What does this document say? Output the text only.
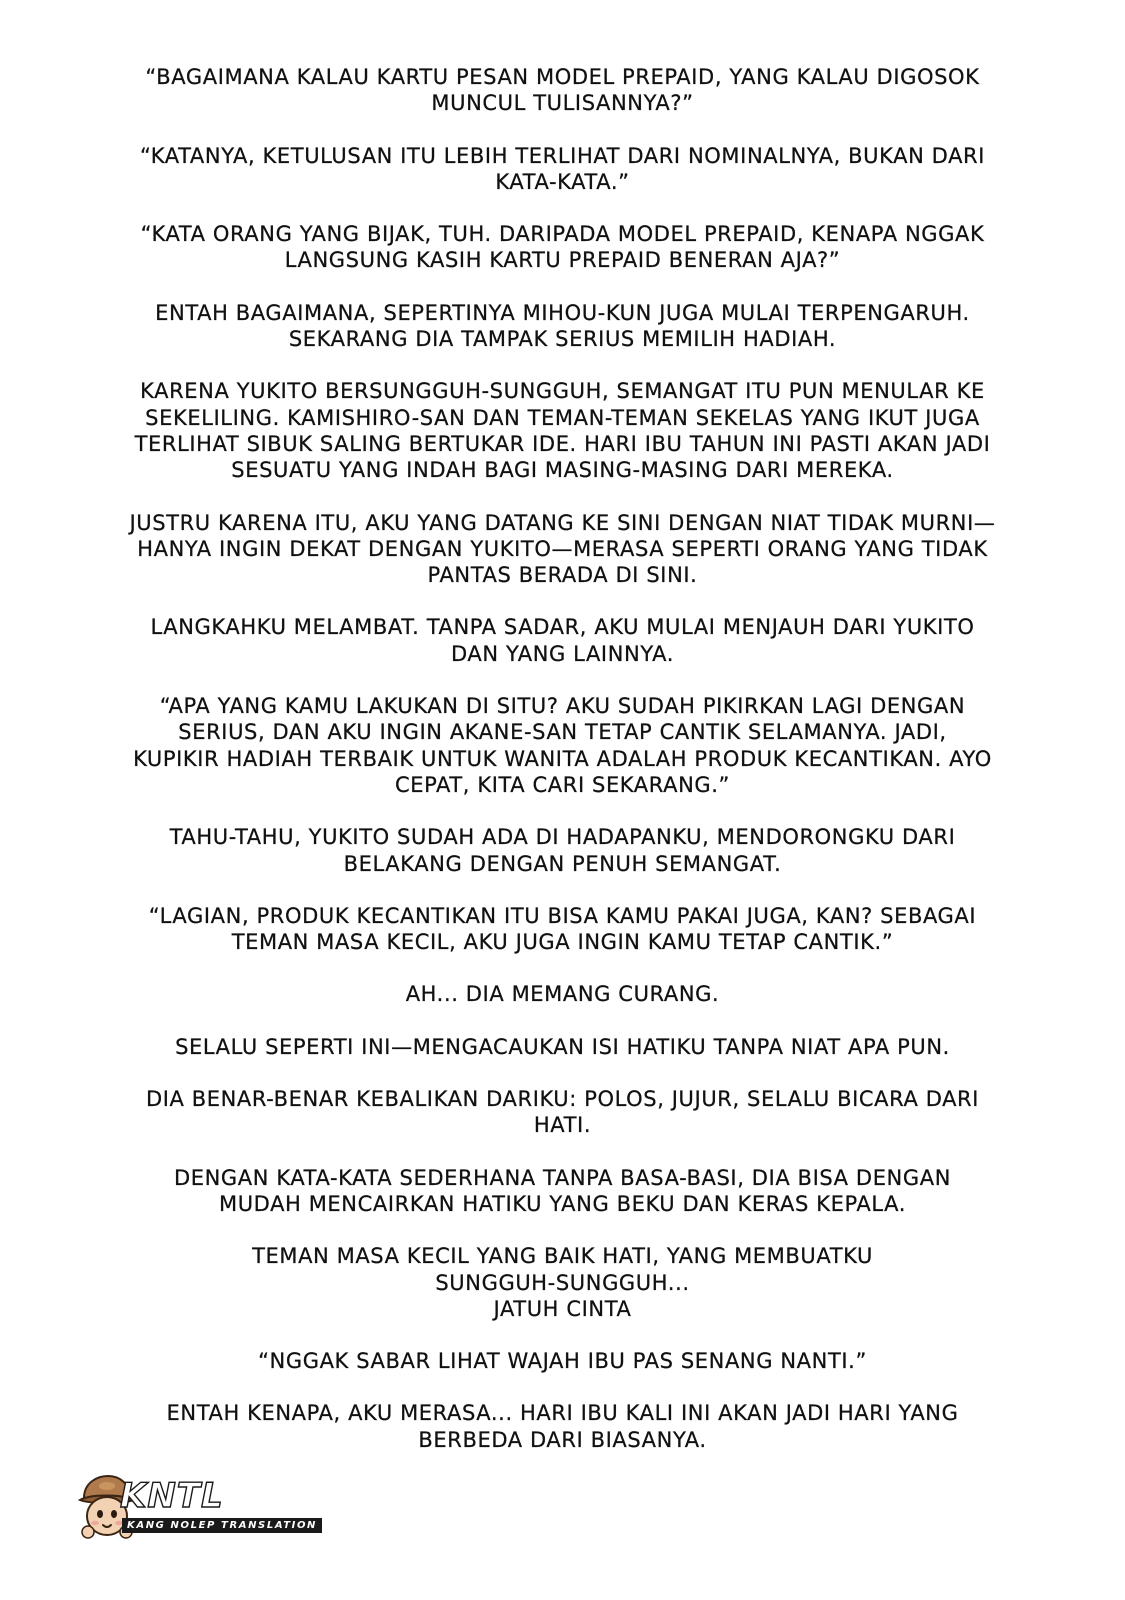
“BAGAIMANA KALAU KARTU PESAN MODEL PREPAID, YANG KALAU DIGOSOK
MUNCUL TULISANNYA?”

“KATANYA, KETULUSAN ITU LEBIH TERLIHAT DARI NOMINALNYA, BUKAN DARI
KATA-KATA.”

“KATA ORANG YANG BIJAK, TUH. DARIPADA MODEL PREPAID, KENAPA NGGAK
LANGSUNG KASIH KARTU PREPAID BENERAN AJA?”

ENTAH BAGAIMANA, SEPERTINYA MIHOU-KUN JUGA MULAI TERPENGARUH.
SEKARANG DIA TAMPAK SERIUS MEMILIH HADIAH.

KARENA YUKITO BERSUNGGUH-SUNGGUH, SEMANGAT ITU PUN MENULAR KE
SEKELILING. KAMISHIRO-SAN DAN TEMAN-TEMAN SEKELAS YANG IKUT JUGA
TERLIHAT SIBUK SALING BERTUKAR IDE. HARI IBU TAHUN INI PASTI AKAN JADI
SESUATU YANG INDAH BAGI MASING-MASING DARI MEREKA.

JUSTRU KARENA ITU, AKU YANG DATANG KE SINI DENGAN NIAT TIDAK MURNI—
HANYA INGIN DEKAT DENGAN YUKITO—MERASA SEPERTI ORANG YANG TIDAK
PANTAS BERADA DI SINI.

LANGKAHKU MELAMBAT. TANPA SADAR, AKU MULAI MENJAUH DARI YUKITO
DAN YANG LAINNYA.

“APA YANG KAMU LAKUKAN DI SITU? AKU SUDAH PIKIRKAN LAGI DENGAN
SERIUS, DAN AKU INGIN AKANE-SAN TETAP CANTIK SELAMANYA. JADI,
KUPIKIR HADIAH TERBAIK UNTUK WANITA ADALAH PRODUK KECANTIKAN. AYO
CEPAT, KITA CARI SEKARANG.”

TAHU-TAHU, YUKITO SUDAH ADA DI HADAPANKU, MENDORONGKU DARI
BELAKANG DENGAN PENUH SEMANGAT.

“LAGIAN, PRODUK KECANTIKAN ITU BISA KAMU PAKAI JUGA, KAN? SEBAGAI
TEMAN MASA KECIL, AKU JUGA INGIN KAMU TETAP CANTIK.”

AH... DIA MEMANG CURANG.

SELALU SEPERTI INI—MENGACAUKAN ISI HATIKU TANPA NIAT APA PUN.

DIA BENAR-BENAR KEBALIKAN DARIKU: POLOS, JUJUR, SELALU BICARA DARI
HATI.

DENGAN KATA-KATA SEDERHANA TANPA BASA-BASI, DIA BISA DENGAN
MUDAH MENCAIRKAN HATIKU YANG BEKU DAN KERAS KEPALA.

TEMAN MASA KECIL YANG BAIK HATI, YANG MEMBUATKU
SUNGGUH-SUNGGUH...
JATUH CINTA

“NGGAK SABAR LIHAT WAJAH IBU PAS SENANG NANTI.”

ENTAH KENAPA, AKU MERASA... HARI IBU KALI INI AKAN JADI HARI YANG
BERBEDA DARI BIASANYA.

KNTL
KANG NOLEP TRANSLATION
